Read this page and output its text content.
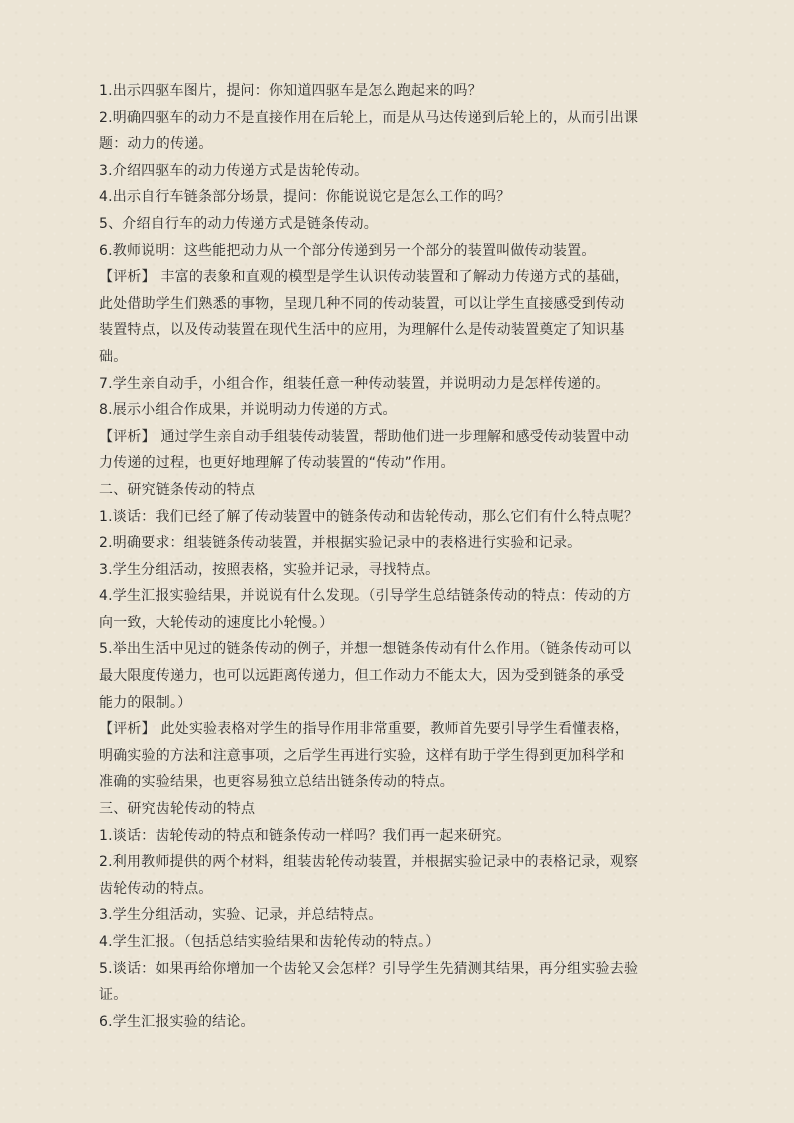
1.出示四驱车图片，提问：你知道四驱车是怎么跑起来的吗？
2.明确四驱车的动力不是直接作用在后轮上，而是从马达传递到后轮上的，从而引出课
题：动力的传递。
3.介绍四驱车的动力传递方式是齿轮传动。
4.出示自行车链条部分场景，提问：你能说说它是怎么工作的吗？
5、介绍自行车的动力传递方式是链条传动。
6.教师说明：这些能把动力从一个部分传递到另一个部分的装置叫做传动装置。
【评析】 丰富的表象和直观的模型是学生认识传动装置和了解动力传递方式的基础，
此处借助学生们熟悉的事物，呈现几种不同的传动装置，可以让学生直接感受到传动
装置特点，以及传动装置在现代生活中的应用，为理解什么是传动装置奠定了知识基
础。
7.学生亲自动手，小组合作，组装任意一种传动装置，并说明动力是怎样传递的。
8.展示小组合作成果，并说明动力传递的方式。
【评析】 通过学生亲自动手组装传动装置，帮助他们进一步理解和感受传动装置中动
力传递的过程，也更好地理解了传动装置的“传动”作用。
二、研究链条传动的特点
1.谈话：我们已经了解了传动装置中的链条传动和齿轮传动，那么它们有什么特点呢？
2.明确要求：组装链条传动装置，并根据实验记录中的表格进行实验和记录。
3.学生分组活动，按照表格，实验并记录，寻找特点。
4.学生汇报实验结果，并说说有什么发现。（引导学生总结链条传动的特点：传动的方
向一致，大轮传动的速度比小轮慢。）
5.举出生活中见过的链条传动的例子，并想一想链条传动有什么作用。（链条传动可以
最大限度传递力，也可以远距离传递力，但工作动力不能太大，因为受到链条的承受
能力的限制。）
【评析】 此处实验表格对学生的指导作用非常重要，教师首先要引导学生看懂表格，
明确实验的方法和注意事项，之后学生再进行实验，这样有助于学生得到更加科学和
准确的实验结果，也更容易独立总结出链条传动的特点。
三、研究齿轮传动的特点
1.谈话：齿轮传动的特点和链条传动一样吗？我们再一起来研究。
2.利用教师提供的两个材料，组装齿轮传动装置，并根据实验记录中的表格记录，观察
齿轮传动的特点。
3.学生分组活动，实验、记录，并总结特点。
4.学生汇报。（包括总结实验结果和齿轮传动的特点。）
5.谈话：如果再给你增加一个齿轮又会怎样？引导学生先猜测其结果，再分组实验去验
证。
6.学生汇报实验的结论。
